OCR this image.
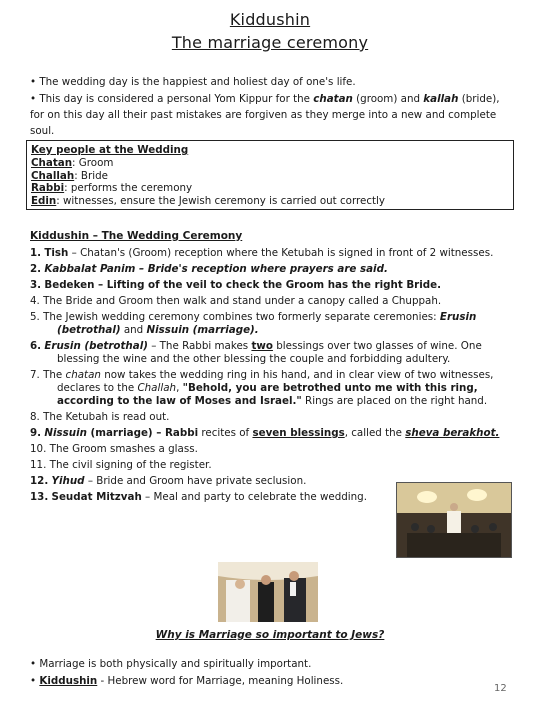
Kiddushin
The marriage ceremony

• The wedding day is the happiest and holiest day of one's life.

• This day is considered a personal Yom Kippur for the chatan (groom) and kallah (bride), for on this day all their past mistakes are forgiven as they merge into a new and complete soul.

Key people at the Wedding
Chatan: Groom
Challah: Bride
Rabbi: performs the ceremony
Edin: witnesses, ensure the Jewish ceremony is carried out correctly
Kiddushin – The Wedding Ceremony
1. Tish – Chatan's (Groom) reception where the Ketubah is signed in front of 2 witnesses.
2. Kabbalat Panim – Bride's reception where prayers are said.
3. Bedeken – Lifting of the veil to check the Groom has the right Bride.
4. The Bride and Groom then walk and stand under a canopy called a Chuppah.
5. The Jewish wedding ceremony combines two formerly separate ceremonies: Erusin (betrothal) and Nissuin (marriage).
6. Erusin (betrothal) – The Rabbi makes two blessings over two glasses of wine. One blessing the wine and the other blessing the couple and forbidding adultery.
7. The chatan now takes the wedding ring in his hand, and in clear view of two witnesses, declares to the Challah, "Behold, you are betrothed unto me with this ring, according to the law of Moses and Israel." Rings are placed on the right hand.
8. The Ketubah is read out.
9. Nissuin (marriage) – Rabbi recites of seven blessings, called the sheva berakhot.
10. The Groom smashes a glass.
11. The civil signing of the register.
12. Yihud – Bride and Groom have private seclusion.
13. Seudat Mitzvah – Meal and party to celebrate the wedding.
Why is Marriage so important to Jews?
• Marriage is both physically and spiritually important.
• Kiddushin - Hebrew word for Marriage, meaning Holiness.
12
